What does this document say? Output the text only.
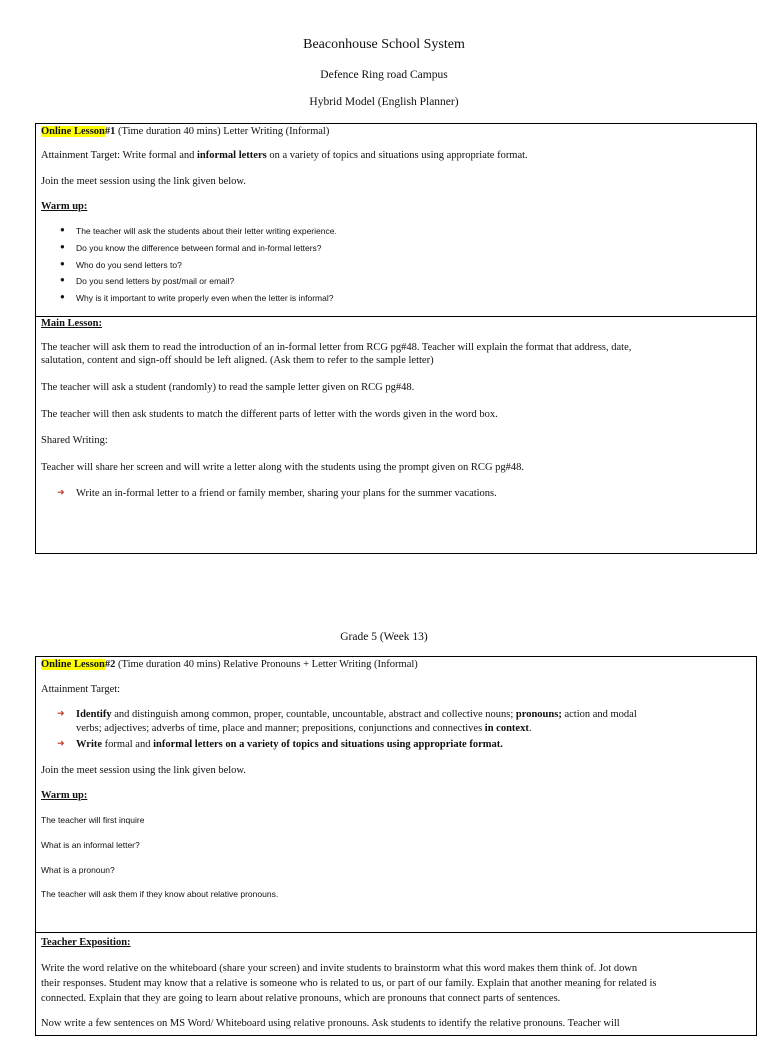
Beaconhouse School System
Defence Ring road Campus
Hybrid Model (English Planner)

Online Lesson#1 (Time duration 40 mins) Letter Writing (Informal)

Attainment Target: Write formal and informal letters on a variety of topics and situations using appropriate format.

Join the meet session using the link given below.

Warm up:

● The teacher will ask the students about their letter writing experience.

● Do you know the difference between formal and in-formal letters?

● Who do you send letters to?

● Do you send letters by post/mail or email?

● Why is it important to write properly even when the letter is informal?

Main Lesson:

The teacher will ask them to read the introduction of an in-formal letter from RCG pg#48. Teacher will explain the format that address, date,

salutation, content and sign-off should be left aligned. (Ask them to refer to the sample letter)

The teacher will ask a student (randomly) to read the sample letter given on RCG pg#48.

The teacher will then ask students to match the different parts of letter with the words given in the word box.

Shared Writing:

Teacher will share her screen and will write a letter along with the students using the prompt given on RCG pg#48.

➜ Write an in-formal letter to a friend or family member, sharing your plans for the summer vacations.

Grade 5 (Week 13)

Online Lesson#2 (Time duration 40 mins) Relative Pronouns + Letter Writing (Informal)

Attainment Target:

➜ Identify and distinguish among common, proper, countable, uncountable, abstract and collective nouns; pronouns; action and modal

verbs; adjectives; adverbs of time, place and manner; prepositions, conjunctions and connectives in context.

➜ Write formal and informal letters on a variety of topics and situations using appropriate format.

Join the meet session using the link given below.

Warm up:

The teacher will first inquire

What is an informal letter?

What is a pronoun?

The teacher will ask them if they know about relative pronouns.

Teacher Exposition:

Write the word relative on the whiteboard (share your screen) and invite students to brainstorm what this word makes them think of. Jot down

their responses. Student may know that a relative is someone who is related to us, or part of our family. Explain that another meaning for related is

connected. Explain that they are going to learn about relative pronouns, which are pronouns that connect parts of sentences.

Now write a few sentences on MS Word/ Whiteboard using relative pronouns. Ask students to identify the relative pronouns. Teacher will
